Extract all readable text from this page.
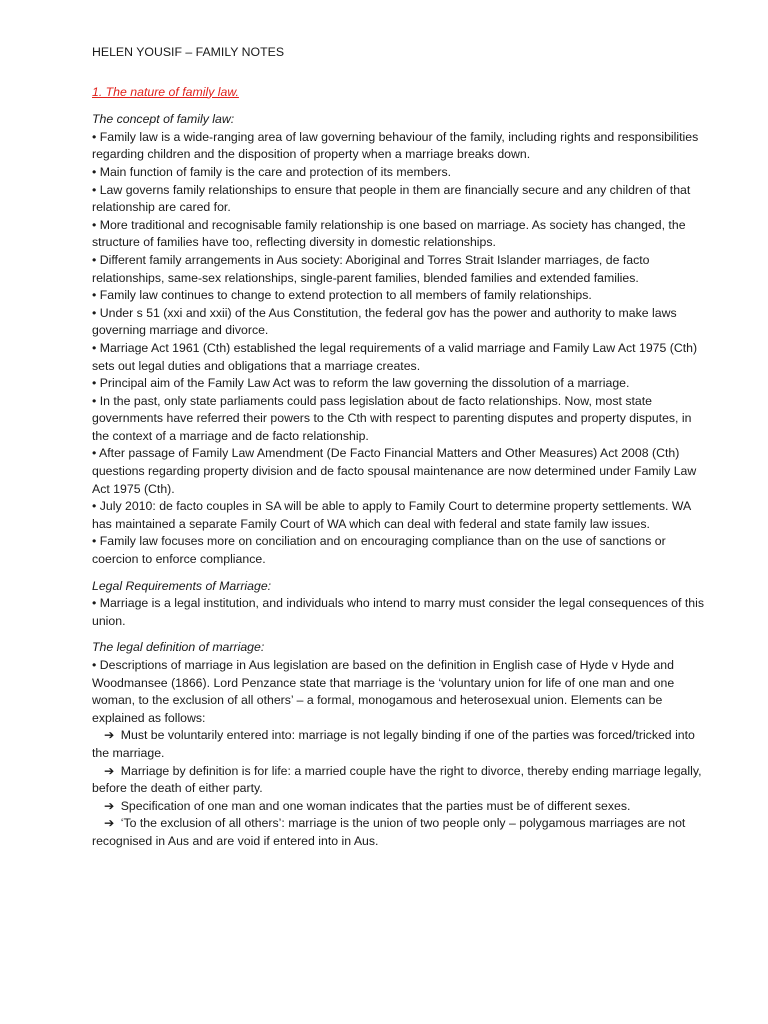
HELEN YOUSIF – FAMILY NOTES
1. The nature of family law.
The concept of family law:
• Family law is a wide-ranging area of law governing behaviour of the family, including rights and responsibilities regarding children and the disposition of property when a marriage breaks down.
• Main function of family is the care and protection of its members.
• Law governs family relationships to ensure that people in them are financially secure and any children of that relationship are cared for.
• More traditional and recognisable family relationship is one based on marriage. As society has changed, the structure of families have too, reflecting diversity in domestic relationships.
• Different family arrangements in Aus society: Aboriginal and Torres Strait Islander marriages, de facto relationships, same-sex relationships, single-parent families, blended families and extended families.
• Family law continues to change to extend protection to all members of family relationships.
• Under s 51 (xxi and xxii) of the Aus Constitution, the federal gov has the power and authority to make laws governing marriage and divorce.
• Marriage Act 1961 (Cth) established the legal requirements of a valid marriage and Family Law Act 1975 (Cth) sets out legal duties and obligations that a marriage creates.
• Principal aim of the Family Law Act was to reform the law governing the dissolution of a marriage.
• In the past, only state parliaments could pass legislation about de facto relationships. Now, most state governments have referred their powers to the Cth with respect to parenting disputes and property disputes, in the context of a marriage and de facto relationship.
• After passage of Family Law Amendment (De Facto Financial Matters and Other Measures) Act 2008 (Cth) questions regarding property division and de facto spousal maintenance are now determined under Family Law Act 1975 (Cth).
• July 2010: de facto couples in SA will be able to apply to Family Court to determine property settlements. WA has maintained a separate Family Court of WA which can deal with federal and state family law issues.
• Family law focuses more on conciliation and on encouraging compliance than on the use of sanctions or coercion to enforce compliance.
Legal Requirements of Marriage:
• Marriage is a legal institution, and individuals who intend to marry must consider the legal consequences of this union.
The legal definition of marriage:
• Descriptions of marriage in Aus legislation are based on the definition in English case of Hyde v Hyde and Woodmansee (1866). Lord Penzance state that marriage is the ‘voluntary union for life of one man and one woman, to the exclusion of all others’ – a formal, monogamous and heterosexual union. Elements can be explained as follows:
➔ Must be voluntarily entered into: marriage is not legally binding if one of the parties was forced/tricked into the marriage.
➔ Marriage by definition is for life: a married couple have the right to divorce, thereby ending marriage legally, before the death of either party.
➔ Specification of one man and one woman indicates that the parties must be of different sexes.
➔ ‘To the exclusion of all others’: marriage is the union of two people only – polygamous marriages are not recognised in Aus and are void if entered into in Aus.
